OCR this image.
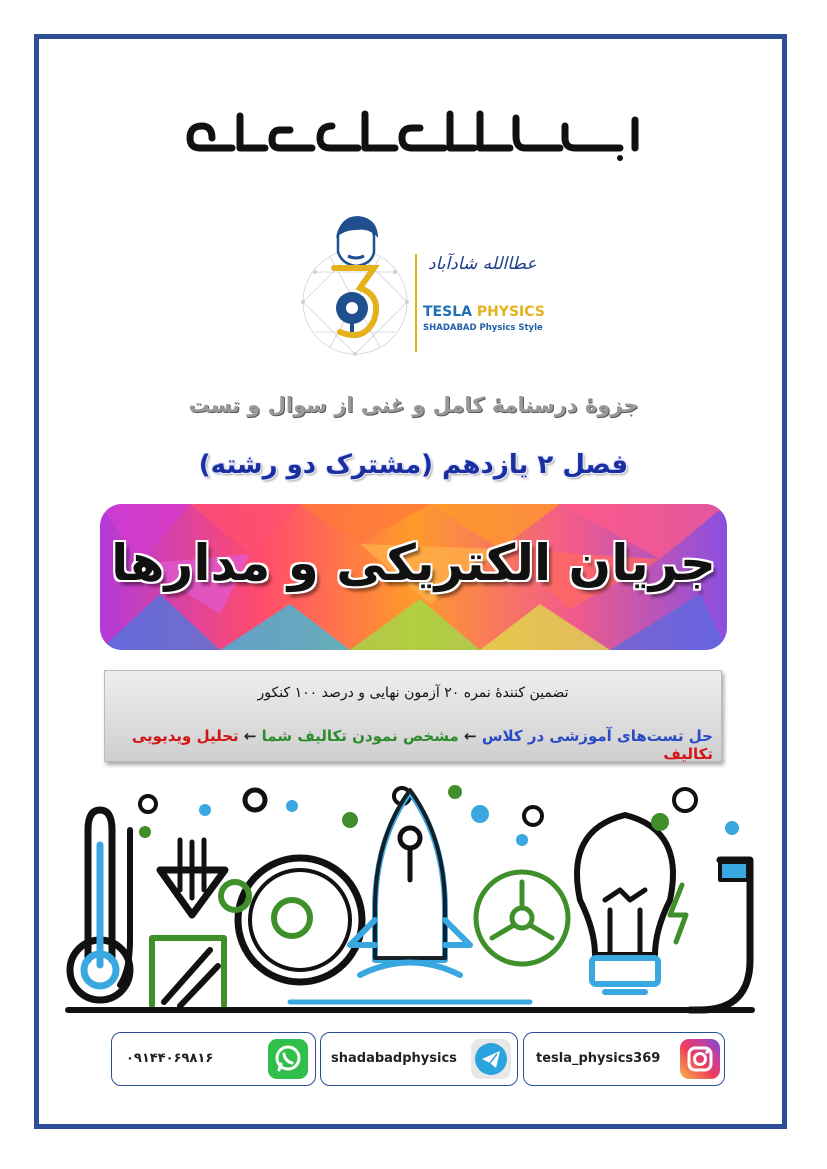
عطاالله شادآباد
TESLA PHYSICS
SHADABAD Physics Style
جزوهٔ درسنامهٔ کامل و غنی از سوال و تست
فصل ۲ یازدهم (مشترک دو رشته)
جریان الکتریکی و مدارها
تضمین کنندهٔ نمره ۲۰ آزمون نهایی و درصد ۱۰۰ کنکور
حل تست‌های آموزشی در کلاس ← مشخص نمودن تکالیف شما ← تحلیل ویدیویی تکالیف
۰۹۱۴۴۰۶۹۸۱۶	shadabadphysics	tesla_physics369
